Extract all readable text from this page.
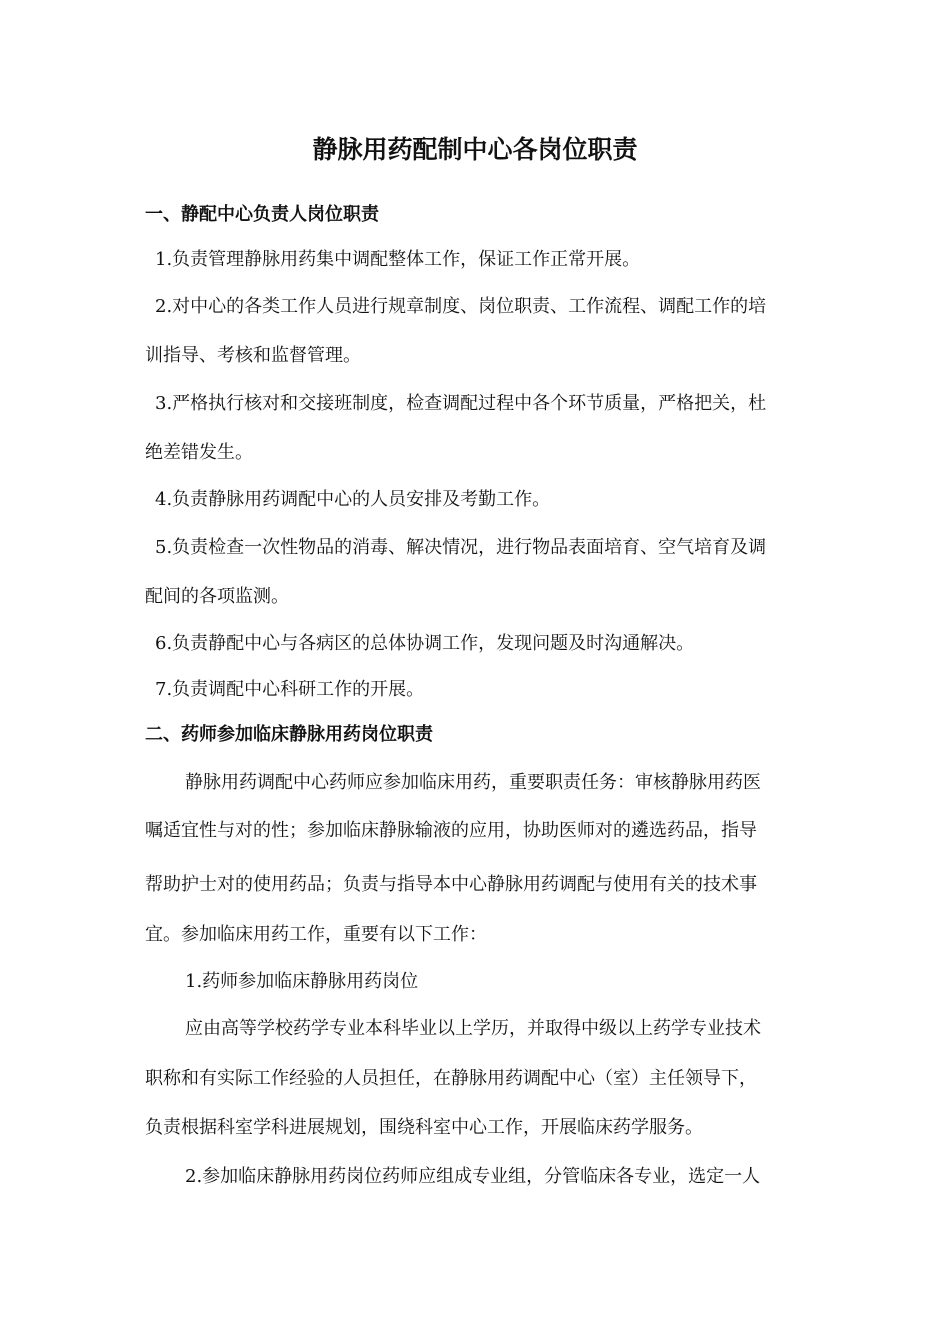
静脉用药配制中心各岗位职责
一、静配中心负责人岗位职责

1.负责管理静脉用药集中调配整体工作，保证工作正常开展。

2.对中心的各类工作人员进行规章制度、岗位职责、工作流程、调配工作的培

训指导、考核和监督管理。

3.严格执行核对和交接班制度，检查调配过程中各个环节质量，严格把关，杜

绝差错发生。

4.负责静脉用药调配中心的人员安排及考勤工作。

5.负责检查一次性物品的消毒、解决情况，进行物品表面培育、空气培育及调

配间的各项监测。

6.负责静配中心与各病区的总体协调工作，发现问题及时沟通解决。

7.负责调配中心科研工作的开展。

二、药师参加临床静脉用药岗位职责

静脉用药调配中心药师应参加临床用药，重要职责任务：审核静脉用药医

嘱适宜性与对的性；参加临床静脉输液的应用，协助医师对的遴选药品，指导

帮助护士对的使用药品；负责与指导本中心静脉用药调配与使用有关的技术事

宜。参加临床用药工作，重要有以下工作：

1.药师参加临床静脉用药岗位

应由高等学校药学专业本科毕业以上学历，并取得中级以上药学专业技术

职称和有实际工作经验的人员担任，在静脉用药调配中心（室）主任领导下，

负责根据科室学科进展规划，围绕科室中心工作，开展临床药学服务。

2.参加临床静脉用药岗位药师应组成专业组，分管临床各专业，选定一人
